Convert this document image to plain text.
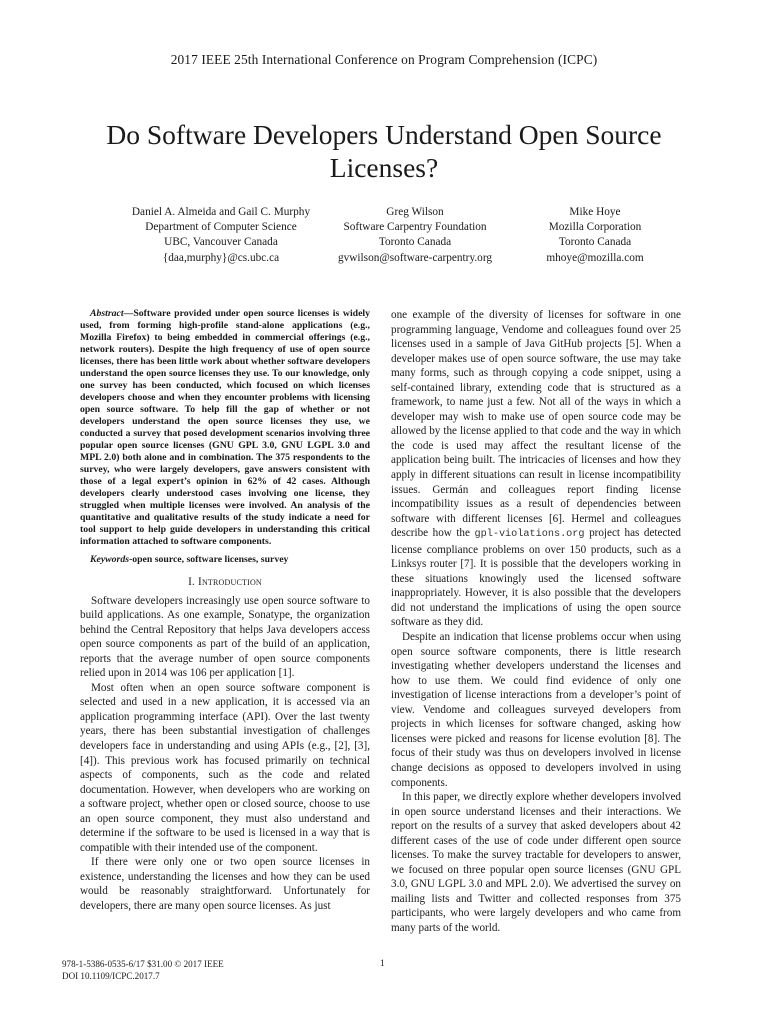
2017 IEEE 25th International Conference on Program Comprehension (ICPC)
Do Software Developers Understand Open Source Licenses?
Daniel A. Almeida and Gail C. Murphy
Department of Computer Science
UBC, Vancouver Canada
{daa,murphy}@cs.ubc.ca
Greg Wilson
Software Carpentry Foundation
Toronto Canada
gvwilson@software-carpentry.org
Mike Hoye
Mozilla Corporation
Toronto Canada
mhoye@mozilla.com

Abstract—Software provided under open source licenses is widely used, from forming high-profile stand-alone applications (e.g., Mozilla Firefox) to being embedded in commercial offerings (e.g., network routers). Despite the high frequency of use of open source licenses, there has been little work about whether software developers understand the open source licenses they use. To our knowledge, only one survey has been conducted, which focused on which licenses developers choose and when they encounter problems with licensing open source software. To help fill the gap of whether or not developers understand the open source licenses they use, we conducted a survey that posed development scenarios involving three popular open source licenses (GNU GPL 3.0, GNU LGPL 3.0 and MPL 2.0) both alone and in combination. The 375 respondents to the survey, who were largely developers, gave answers consistent with those of a legal expert’s opinion in 62% of 42 cases. Although developers clearly understood cases involving one license, they struggled when multiple licenses were involved. An analysis of the quantitative and qualitative results of the study indicate a need for tool support to help guide developers in understanding this critical information attached to software components.

Keywords-open source, software licenses, survey

I. Introduction

Software developers increasingly use open source software to build applications. As one example, Sonatype, the organization behind the Central Repository that helps Java developers access open source components as part of the build of an application, reports that the average number of open source components relied upon in 2014 was 106 per application [1].

Most often when an open source software component is selected and used in a new application, it is accessed via an application programming interface (API). Over the last twenty years, there has been substantial investigation of challenges developers face in understanding and using APIs (e.g., [2], [3], [4]). This previous work has focused primarily on technical aspects of components, such as the code and related documentation. However, when developers who are working on a software project, whether open or closed source, choose to use an open source component, they must also understand and determine if the software to be used is licensed in a way that is compatible with their intended use of the component.

If there were only one or two open source licenses in existence, understanding the licenses and how they can be used would be reasonably straightforward. Unfortunately for developers, there are many open source licenses. As just

one example of the diversity of licenses for software in one programming language, Vendome and colleagues found over 25 licenses used in a sample of Java GitHub projects [5]. When a developer makes use of open source software, the use may take many forms, such as through copying a code snippet, using a self-contained library, extending code that is structured as a framework, to name just a few. Not all of the ways in which a developer may wish to make use of open source code may be allowed by the license applied to that code and the way in which the code is used may affect the resultant license of the application being built. The intricacies of licenses and how they apply in different situations can result in license incompatibility issues. Germán and colleagues report finding license incompatibility issues as a result of dependencies between software with different licenses [6]. Hermel and colleagues describe how the gpl-violations.org project has detected license compliance problems on over 150 products, such as a Linksys router [7]. It is possible that the developers working in these situations knowingly used the licensed software inappropriately. However, it is also possible that the developers did not understand the implications of using the open source software as they did.

Despite an indication that license problems occur when using open source software components, there is little research investigating whether developers understand the licenses and how to use them. We could find evidence of only one investigation of license interactions from a developer’s point of view. Vendome and colleagues surveyed developers from projects in which licenses for software changed, asking how licenses were picked and reasons for license evolution [8]. The focus of their study was thus on developers involved in license change decisions as opposed to developers involved in using components.

In this paper, we directly explore whether developers involved in open source understand licenses and their interactions. We report on the results of a survey that asked developers about 42 different cases of the use of code under different open source licenses. To make the survey tractable for developers to answer, we focused on three popular open source licenses (GNU GPL 3.0, GNU LGPL 3.0 and MPL 2.0). We advertised the survey on mailing lists and Twitter and collected responses from 375 participants, who were largely developers and who came from many parts of the world.

978-1-5386-0535-6/17 $31.00 © 2017 IEEE
DOI 10.1109/ICPC.2017.7
1
